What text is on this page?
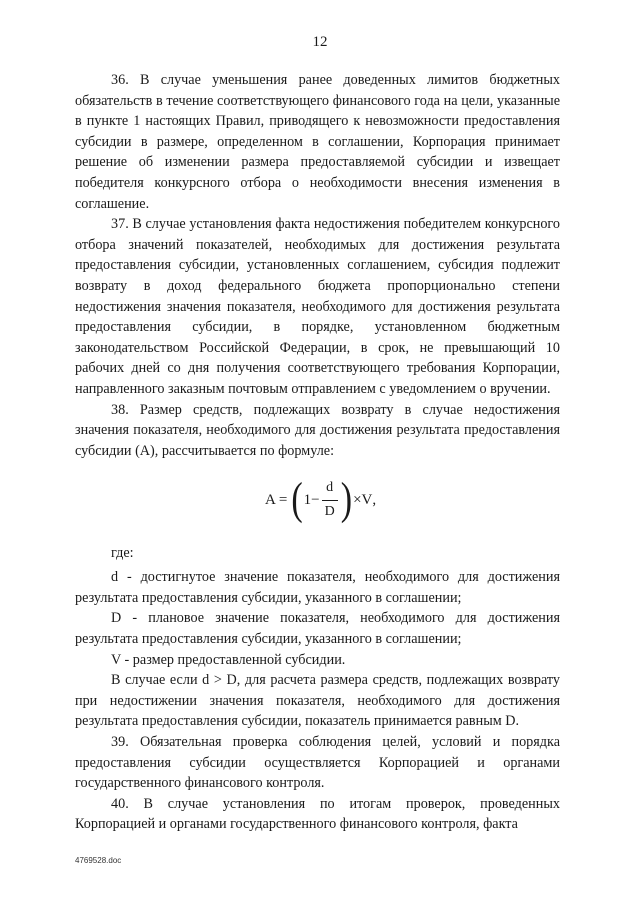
12

36. В случае уменьшения ранее доведенных лимитов бюджетных обязательств в течение соответствующего финансового года на цели, указанные в пункте 1 настоящих Правил, приводящего к невозможности предоставления субсидии в размере, определенном в соглашении, Корпорация принимает решение об изменении размера предоставляемой субсидии и извещает победителя конкурсного отбора о необходимости внесения изменения в соглашение.

37. В случае установления факта недостижения победителем конкурсного отбора значений показателей, необходимых для достижения результата предоставления субсидии, установленных соглашением, субсидия подлежит возврату в доход федерального бюджета пропорционально степени недостижения значения показателя, необходимого для достижения результата предоставления субсидии, в порядке, установленном бюджетным законодательством Российской Федерации, в срок, не превышающий 10 рабочих дней со дня получения соответствующего требования Корпорации, направленного заказным почтовым отправлением с уведомлением о вручении.

38. Размер средств, подлежащих возврату в случае недостижения значения показателя, необходимого для достижения результата предоставления субсидии (А), рассчитывается по формуле:

A = ( $1 - \frac{d}{D}$ ) × V ,

где:

d - достигнутое значение показателя, необходимого для достижения результата предоставления субсидии, указанного в соглашении;

D - плановое значение показателя, необходимого для достижения результата предоставления субсидии, указанного в соглашении;

V - размер предоставленной субсидии.

В случае если d > D, для расчета размера средств, подлежащих возврату при недостижении значения показателя, необходимого для достижения результата предоставления субсидии, показатель принимается равным D.

39. Обязательная проверка соблюдения целей, условий и порядка предоставления субсидии осуществляется Корпорацией и органами государственного финансового контроля.

40. В случае установления по итогам проверок, проведенных Корпорацией и органами государственного финансового контроля, факта

4769528.doc
